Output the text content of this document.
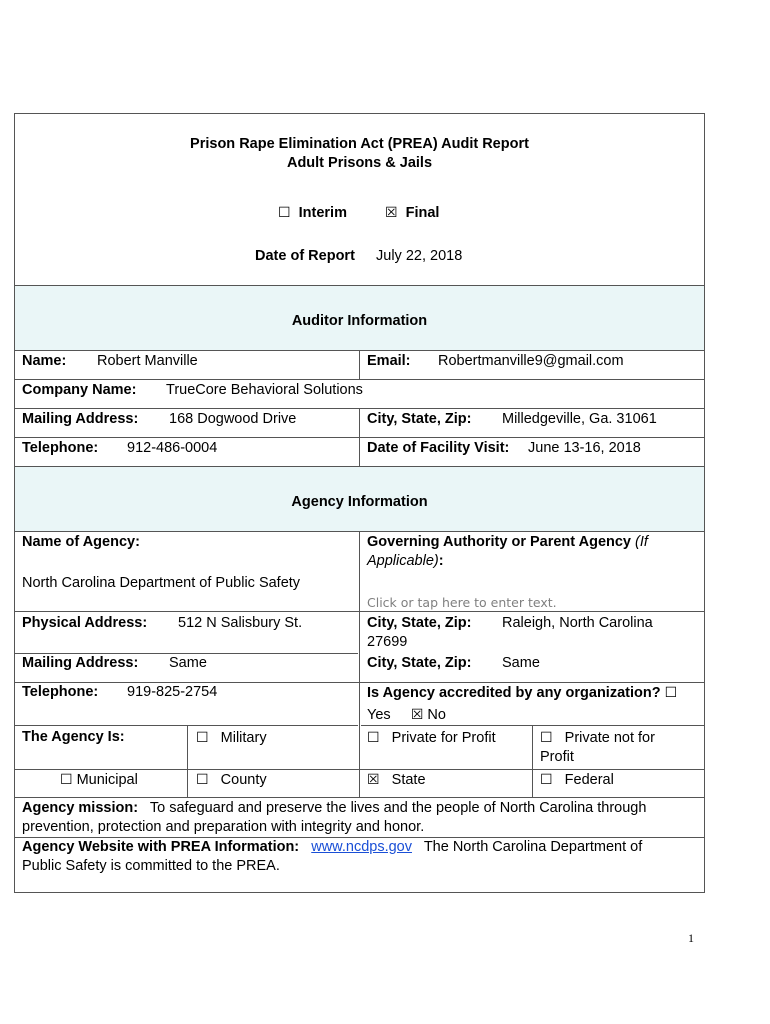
Prison Rape Elimination Act (PREA) Audit Report
Adult Prisons & Jails
☐ Interim	☒ Final
Date of Report July 22, 2018
Auditor Information
Name: Robert Manville	Email: Robertmanville9@gmail.com
Company Name: TrueCore Behavioral Solutions
Mailing Address: 168 Dogwood Drive	City, State, Zip: Milledgeville, Ga. 31061
Telephone: 912-486-0004	Date of Facility Visit: June 13-16, 2018
Agency Information
Name of Agency:
North Carolina Department of Public Safety
Governing Authority or Parent Agency (If
Applicable):
Click or tap here to enter text.
Physical Address: 512 N Salisbury St.	City, State, Zip: Raleigh, North Carolina
27699
Mailing Address: Same	City, State, Zip: Same
Telephone: 919-825-2754	Is Agency accredited by any organization? ☐
Yes ☒ No
The Agency Is:	☐ Military	☐ Private for Profit	☐ Private not for
Profit
☐ Municipal	☐ County	☒ State	☐ Federal
Agency mission: To safeguard and preserve the lives and the people of North Carolina through
prevention, protection and preparation with integrity and honor.
Agency Website with PREA Information: www.ncdps.gov The North Carolina Department of
Public Safety is committed to the PREA.
1
